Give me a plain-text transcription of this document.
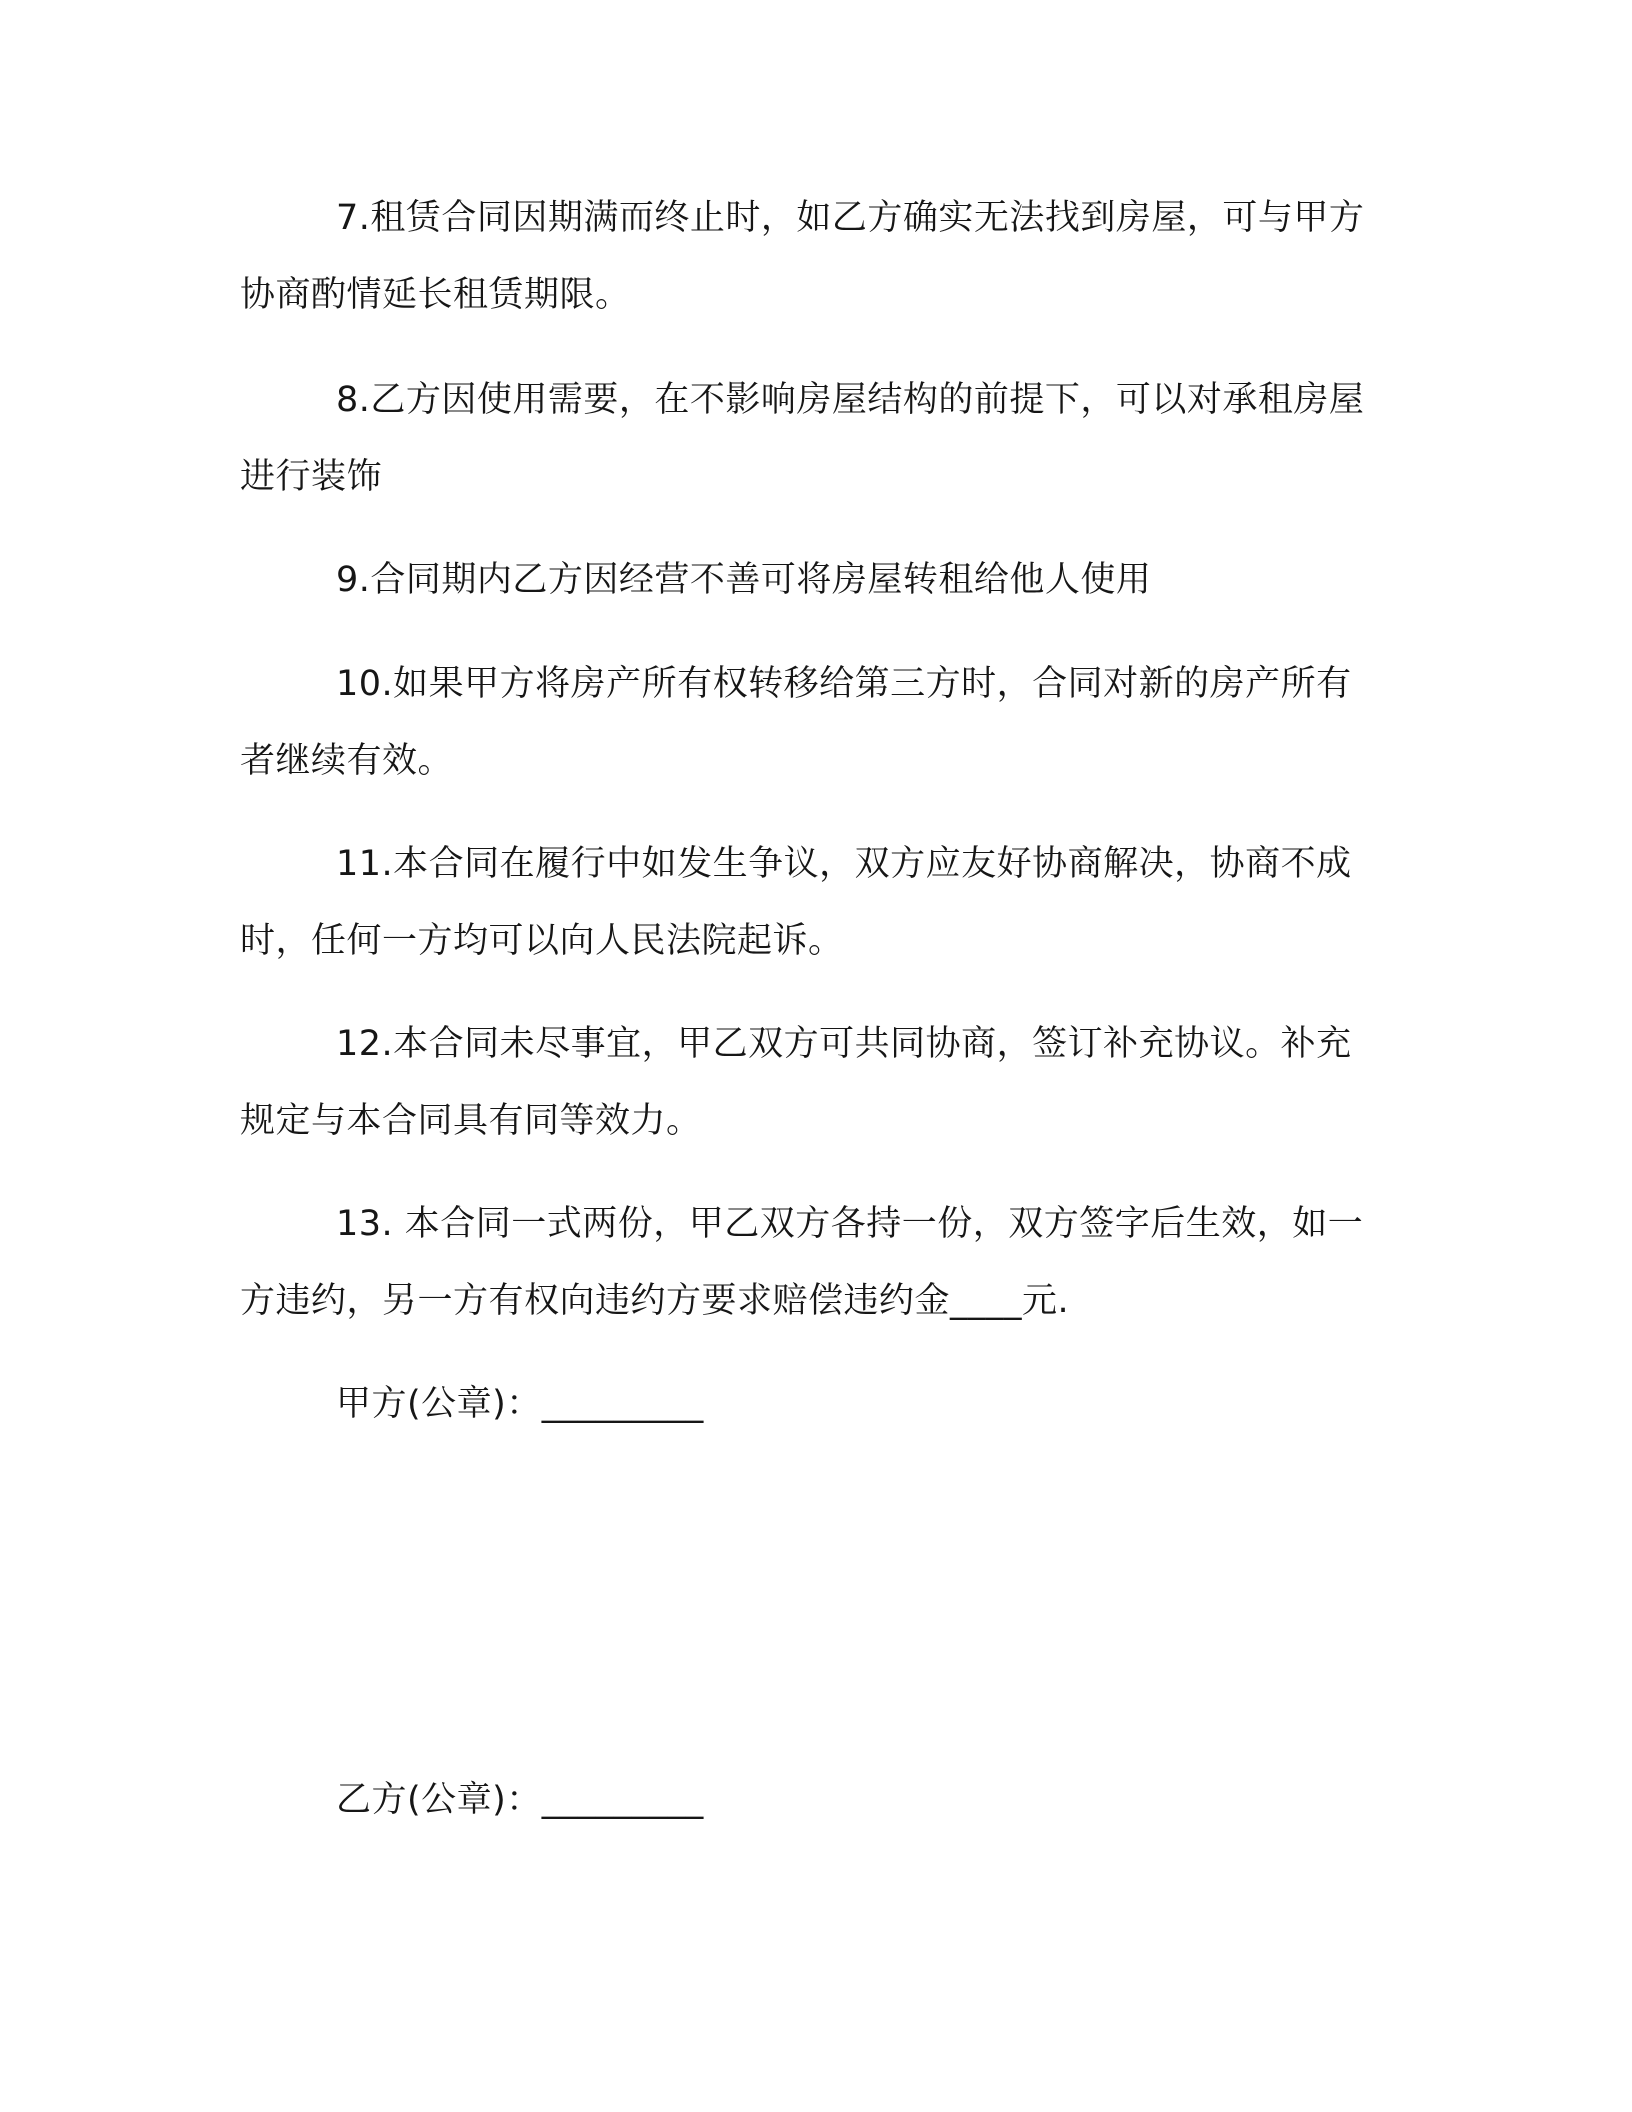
7.租赁合同因期满而终止时，如乙方确实无法找到房屋，可与甲方协商酌情延长租赁期限。

8.乙方因使用需要，在不影响房屋结构的前提下，可以对承租房屋进行装饰

9.合同期内乙方因经营不善可将房屋转租给他人使用

10.如果甲方将房产所有权转移给第三方时，合同对新的房产所有者继续有效。

11.本合同在履行中如发生争议，双方应友好协商解决，协商不成时，任何一方均可以向人民法院起诉。

12.本合同未尽事宜，甲乙双方可共同协商，签订补充协议。补充规定与本合同具有同等效力。

13. 本合同一式两份，甲乙双方各持一份，双方签字后生效，如一方违约，另一方有权向违约方要求赔偿违约金____元.

甲方(公章)：_________

乙方(公章)：_________
